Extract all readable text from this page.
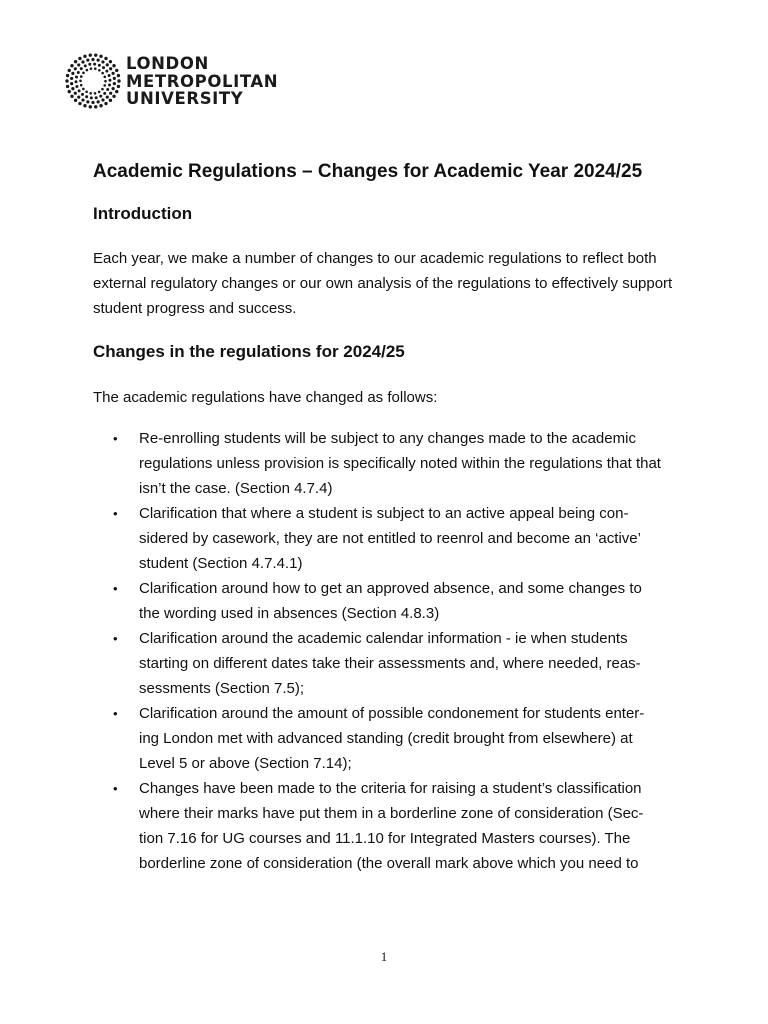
LONDON
METROPOLITAN
UNIVERSITY
Academic Regulations – Changes for Academic Year 2024/25
Introduction

Each year, we make a number of changes to our academic regulations to reflect both external regulatory changes or our own analysis of the regulations to effectively support student progress and success.

Changes in the regulations for 2024/25

The academic regulations have changed as follows:

• Re-enrolling students will be subject to any changes made to the academic regulations unless provision is specifically noted within the regulations that that isn’t the case. (Section 4.7.4)
• Clarification that where a student is subject to an active appeal being con-sidered by casework, they are not entitled to reenrol and become an ‘active’ student (Section 4.7.4.1)
• Clarification around how to get an approved absence, and some changes to the wording used in absences (Section 4.8.3)
• Clarification around the academic calendar information - ie when students starting on different dates take their assessments and, where needed, reas-sessments (Section 7.5);
• Clarification around the amount of possible condonement for students enter-ing London met with advanced standing (credit brought from elsewhere) at Level 5 or above (Section 7.14);
• Changes have been made to the criteria for raising a student’s classification where their marks have put them in a borderline zone of consideration (Sec-tion 7.16 for UG courses and 11.1.10 for Integrated Masters courses). The borderline zone of consideration (the overall mark above which you need to
1
